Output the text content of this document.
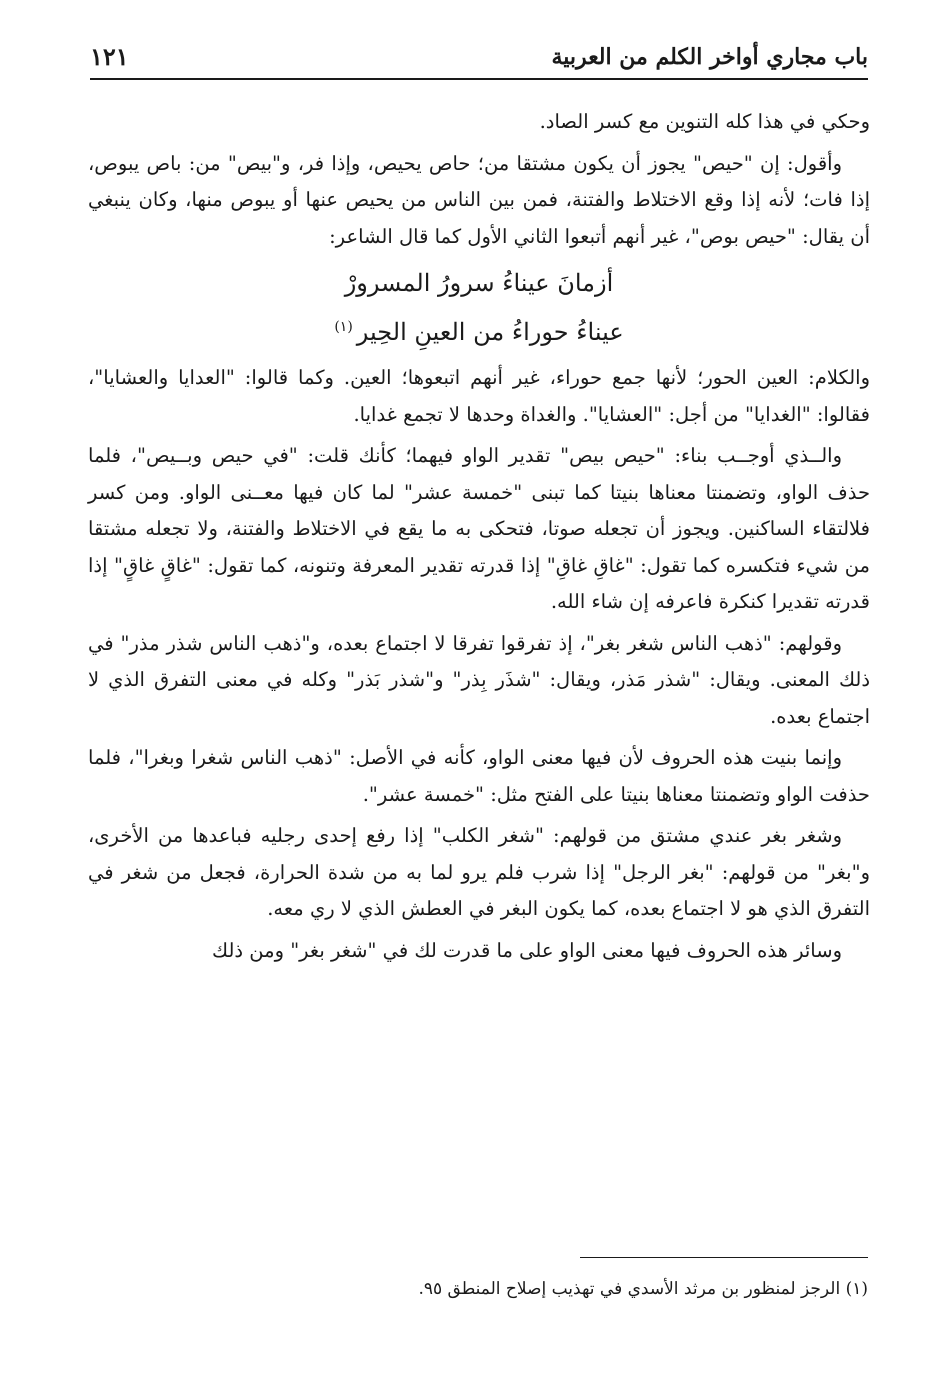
١٢١	باب مجاري أواخر الكلم من العربية

وحكي في هذا كله التنوين مع كسر الصاد.

وأقول: إن "حيص" يجوز أن يكون مشتقا من؛ حاص يحيص، وإذا فر، و"بيص" من: باص يبوص، إذا فات؛ لأنه إذا وقع الاختلاط والفتنة، فمن بين الناس من يحيص عنها أو يبوص منها، وكان ينبغي أن يقال: "حيص بوص"، غير أنهم أتبعوا الثاني الأول كما قال الشاعر:

أزمانَ عيناءُ سرورُ المسرورْ
عيناءُ حوراءُ من العينِ الحِير$^{(١)}$

والكلام: العين الحور؛ لأنها جمع حوراء، غير أنهم اتبعوها؛ العين. وكما قالوا: "العدايا والعشايا"، فقالوا: "الغدايا" من أجل: "العشايا". والغداة وحدها لا تجمع غدايا.

والــذي أوجــب بناء: "حيص بيص" تقدير الواو فيهما؛ كأنك قلت: "في حيص وبــيص"، فلما حذف الواو، وتضمنتا معناها بنيتا كما تبنى "خمسة عشر" لما كان فيها معــنى الواو. ومن كسر فلالتقاء الساكنين. ويجوز أن تجعله صوتا، فتحكى به ما يقع في الاختلاط والفتنة، ولا تجعله مشتقا من شيء فتكسره كما تقول: "غاقِ غاقِ" إذا قدرته تقدير المعرفة وتنونه، كما تقول: "غاقٍ غاقٍ" إذا قدرته تقديرا كنكرة فاعرفه إن شاء الله.

وقولهم: "ذهب الناس شغر بغر"، إذ تفرقوا تفرقا لا اجتماع بعده، و"ذهب الناس شذر مذر" في ذلك المعنى. ويقال: "شذر مَذر، ويقال: "شذَر بِذر" و"شذر بَذر" وكله في معنى التفرق الذي لا اجتماع بعده.

وإنما بنيت هذه الحروف لأن فيها معنى الواو، كأنه في الأصل: "ذهب الناس شغرا وبغرا"، فلما حذفت الواو وتضمنتا معناها بنيتا على الفتح مثل: "خمسة عشر".

وشغر بغر عندي مشتق من قولهم: "شغر الكلب" إذا رفع إحدى رجليه فباعدها من الأخرى، و"بغر" من قولهم: "بغر الرجل" إذا شرب فلم يرو لما به من شدة الحرارة، فجعل من شغر في التفرق الذي هو لا اجتماع بعده، كما يكون البغر في العطش الذي لا ري معه.

وسائر هذه الحروف فيها معنى الواو على ما قدرت لك في "شغر بغر" ومن ذلك

(١) الرجز لمنظور بن مرثد الأسدي في تهذيب إصلاح المنطق ٩٥.
